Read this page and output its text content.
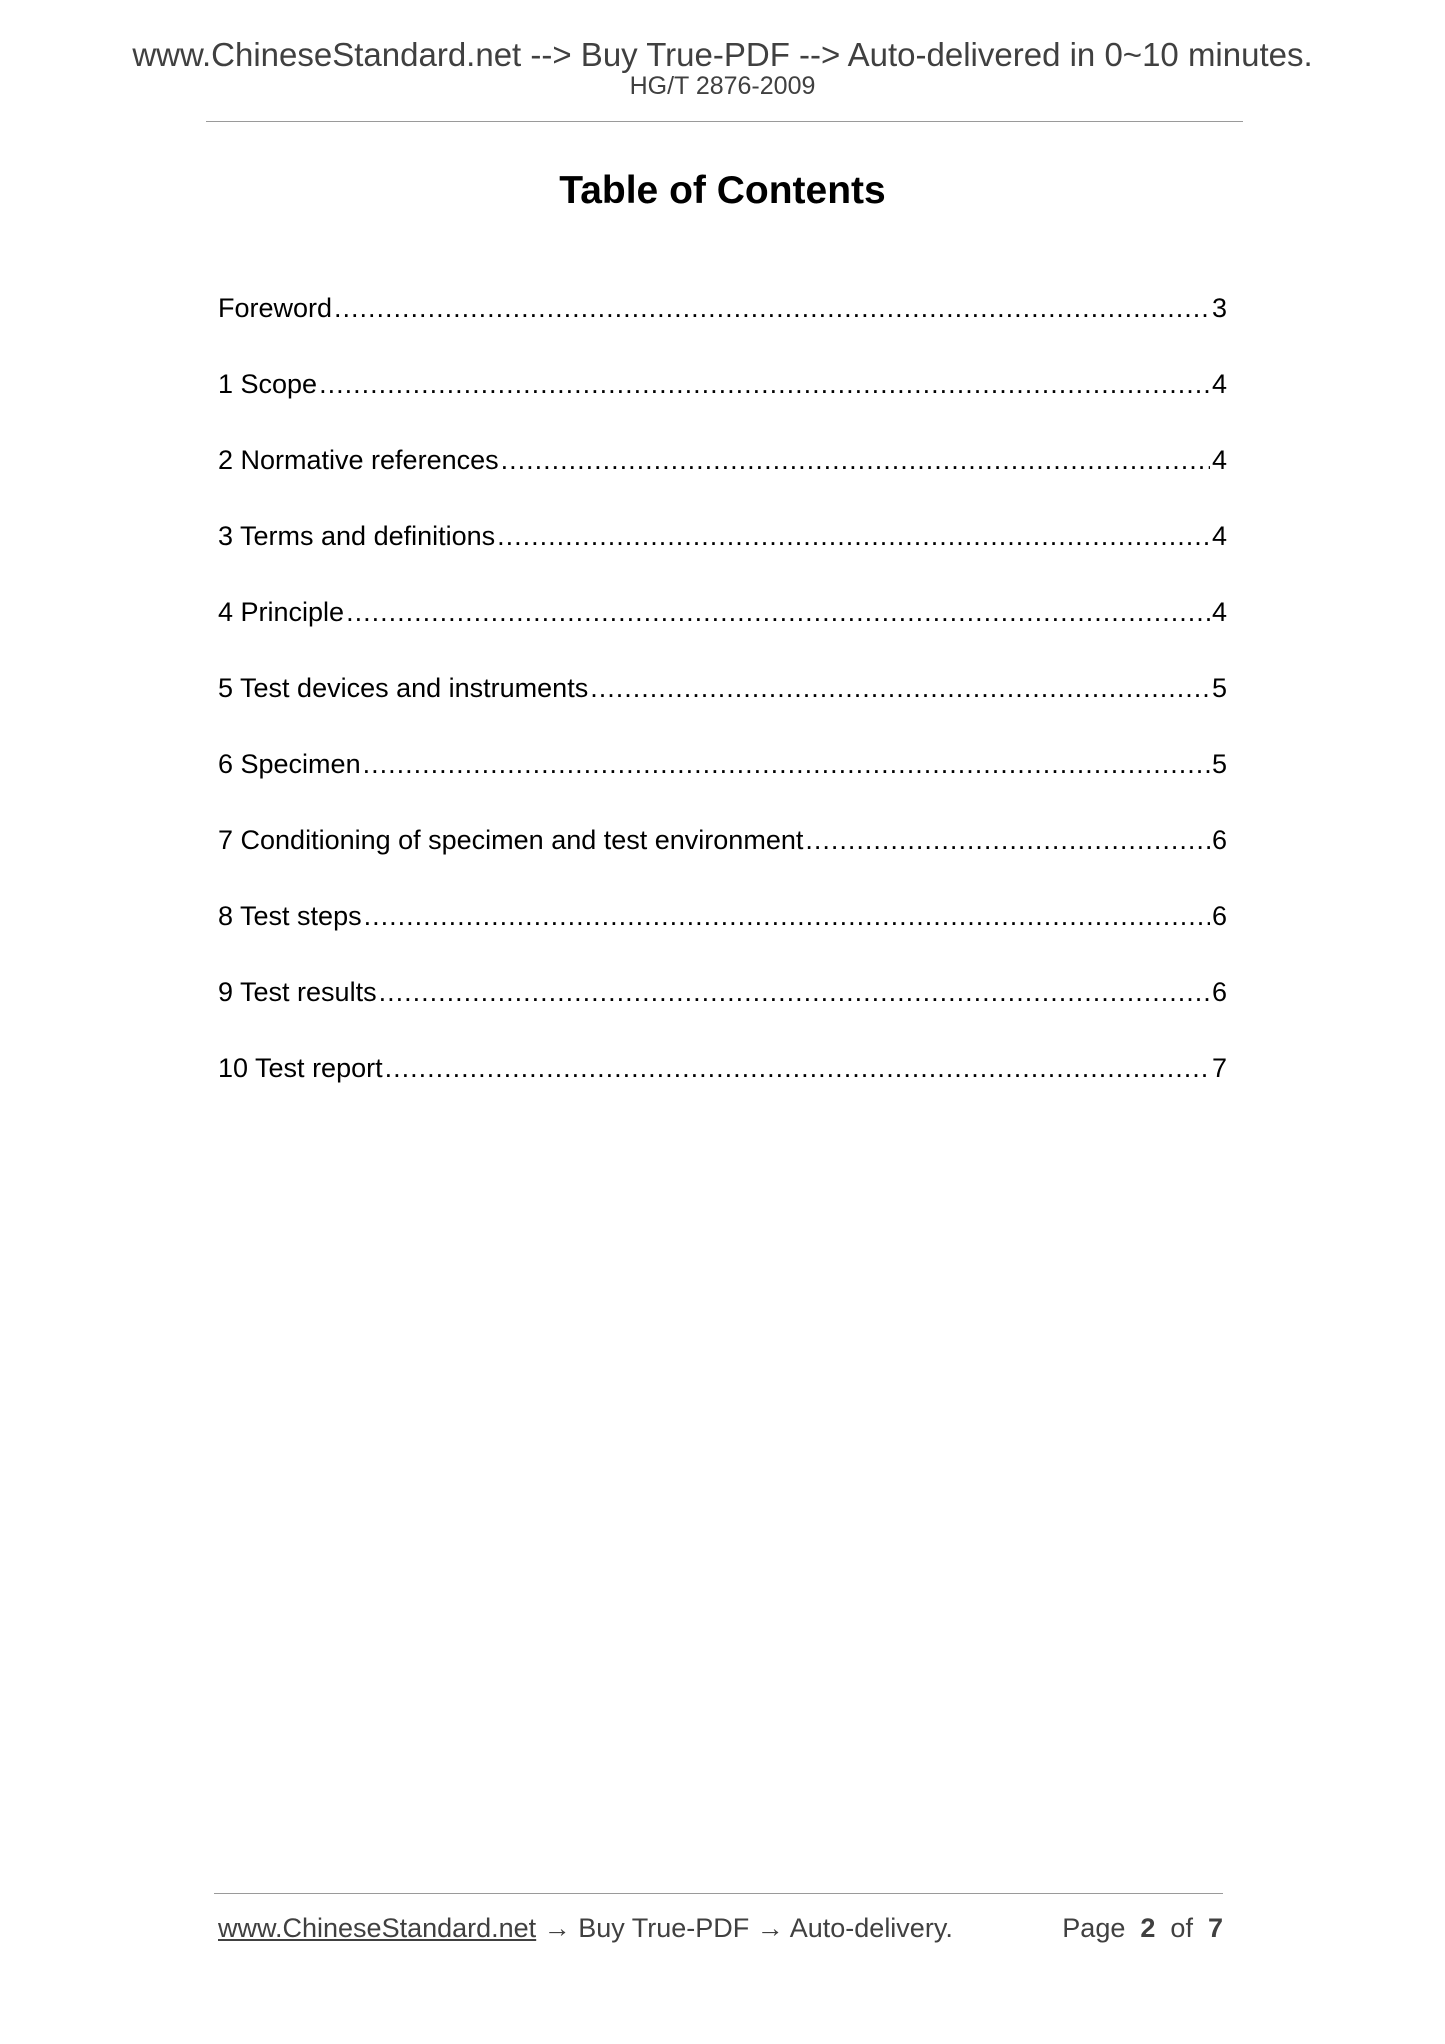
www.ChineseStandard.net --> Buy True-PDF --> Auto-delivered in 0~10 minutes.
HG/T 2876-2009
Table of Contents
Foreword .....	3
1 Scope .....	4
2 Normative references .....	4
3 Terms and definitions .....	4
4 Principle .....	4
5 Test devices and instruments .....	5
6 Specimen .....	5
7 Conditioning of specimen and test environment .....	6
8 Test steps .....	6
9 Test results .....	6
10 Test report .....	7
www.ChineseStandard.net → Buy True-PDF → Auto-delivery.	Page 2 of 7
